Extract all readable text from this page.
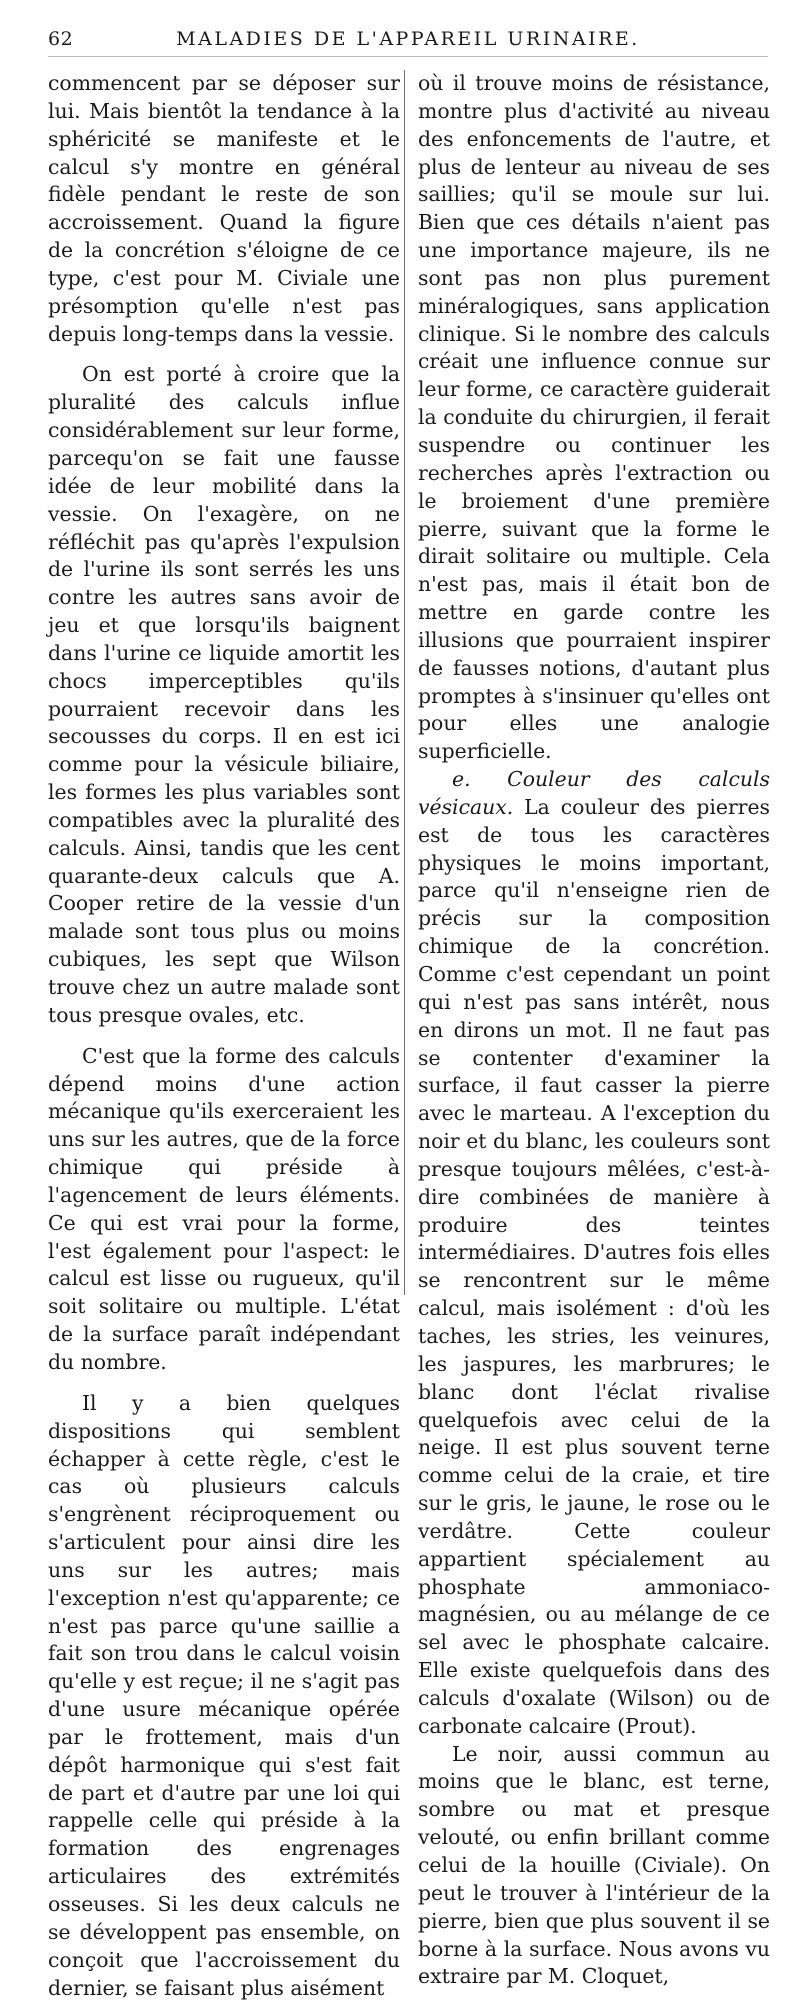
62	MALADIES DE L'APPAREIL URINAIRE.

commencent par se déposer sur lui. Mais bientôt la tendance à la sphéricité se manifeste et le calcul s'y montre en général fidèle pendant le reste de son accroissement. Quand la figure de la concrétion s'éloigne de ce type, c'est pour M. Civiale une présomption qu'elle n'est pas depuis long-temps dans la vessie.

On est porté à croire que la pluralité des calculs influe considérablement sur leur forme, parcequ'on se fait une fausse idée de leur mobilité dans la vessie. On l'exagère, on ne réfléchit pas qu'après l'expulsion de l'urine ils sont serrés les uns contre les autres sans avoir de jeu et que lorsqu'ils baignent dans l'urine ce liquide amortit les chocs imperceptibles qu'ils pourraient recevoir dans les secousses du corps. Il en est ici comme pour la vésicule biliaire, les formes les plus variables sont compatibles avec la pluralité des calculs. Ainsi, tandis que les cent quarante-deux calculs que A. Cooper retire de la vessie d'un malade sont tous plus ou moins cubiques, les sept que Wilson trouve chez un autre malade sont tous presque ovales, etc.

C'est que la forme des calculs dépend moins d'une action mécanique qu'ils exerceraient les uns sur les autres, que de la force chimique qui préside à l'agencement de leurs éléments. Ce qui est vrai pour la forme, l'est également pour l'aspect: le calcul est lisse ou rugueux, qu'il soit solitaire ou multiple. L'état de la surface paraît indépendant du nombre.

Il y a bien quelques dispositions qui semblent échapper à cette règle, c'est le cas où plusieurs calculs s'engrènent réciproquement ou s'articulent pour ainsi dire les uns sur les autres; mais l'exception n'est qu'apparente; ce n'est pas parce qu'une saillie a fait son trou dans le calcul voisin qu'elle y est reçue; il ne s'agit pas d'une usure mécanique opérée par le frottement, mais d'un dépôt harmonique qui s'est fait de part et d'autre par une loi qui rappelle celle qui préside à la formation des engrenages articulaires des extrémités osseuses. Si les deux calculs ne se développent pas ensemble, on conçoit que l'accroissement du dernier, se faisant plus aisément

où il trouve moins de résistance, montre plus d'activité au niveau des enfoncements de l'autre, et plus de lenteur au niveau de ses saillies; qu'il se moule sur lui. Bien que ces détails n'aient pas une importance majeure, ils ne sont pas non plus purement minéralogiques, sans application clinique. Si le nombre des calculs créait une influence connue sur leur forme, ce caractère guiderait la conduite du chirurgien, il ferait suspendre ou continuer les recherches après l'extraction ou le broiement d'une première pierre, suivant que la forme le dirait solitaire ou multiple. Cela n'est pas, mais il était bon de mettre en garde contre les illusions que pourraient inspirer de fausses notions, d'autant plus promptes à s'insinuer qu'elles ont pour elles une analogie superficielle.

e. Couleur des calculs vésicaux. La couleur des pierres est de tous les caractères physiques le moins important, parce qu'il n'enseigne rien de précis sur la composition chimique de la concrétion. Comme c'est cependant un point qui n'est pas sans intérêt, nous en dirons un mot. Il ne faut pas se contenter d'examiner la surface, il faut casser la pierre avec le marteau. A l'exception du noir et du blanc, les couleurs sont presque toujours mêlées, c'est-à-dire combinées de manière à produire des teintes intermédiaires. D'autres fois elles se rencontrent sur le même calcul, mais isolément : d'où les taches, les stries, les veinures, les jaspures, les marbrures; le blanc dont l'éclat rivalise quelquefois avec celui de la neige. Il est plus souvent terne comme celui de la craie, et tire sur le gris, le jaune, le rose ou le verdâtre. Cette couleur appartient spécialement au phosphate ammoniaco-magnésien, ou au mélange de ce sel avec le phosphate calcaire. Elle existe quelquefois dans des calculs d'oxalate (Wilson) ou de carbonate calcaire (Prout).

Le noir, aussi commun au moins que le blanc, est terne, sombre ou mat et presque velouté, ou enfin brillant comme celui de la houille (Civiale). On peut le trouver à l'intérieur de la pierre, bien que plus souvent il se borne à la surface. Nous avons vu extraire par M. Cloquet,
